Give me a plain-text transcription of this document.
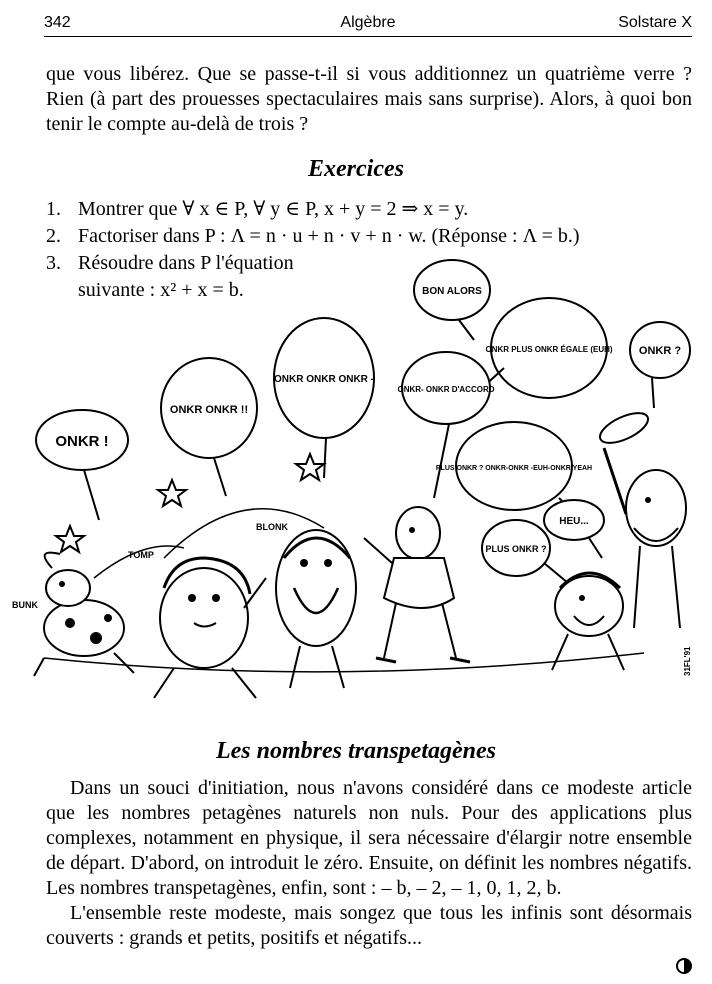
342	Algèbre	Solstare X
que vous libérez. Que se passe-t-il si vous additionnez un quatrième verre ? Rien (à part des prouesses spectaculaires mais sans surprise). Alors, à quoi bon tenir le compte au-delà de trois ?
Exercices
1. Montrer que ∀ x ∈ P, ∀ y ∈ P, x + y = 2 ⇒ x = y.
2. Factoriser dans P : Λ = n · u + n · v + n · w. (Réponse : Λ = b.)
3. Résoudre dans P l'équation
suivante : x² + x = b.
ONKR !
ONKR ONKR !!
ONKR ONKR ONKR -
BON ALORS
ONKR PLUS ONKR ÉGALE (EUH)
ONKR- ONKR D'ACCORD
PLUS ONKR ? ONKR-ONKR -EUH-ONKR YEAH
HEU...
PLUS ONKR ?
ONKR ?
BUNK
TOMP
BLONK
31FL'91
Les nombres transpetagènes

Dans un souci d'initiation, nous n'avons considéré dans ce modeste article que les nombres petagènes naturels non nuls. Pour des applications plus complexes, notamment en physique, il sera nécessaire d'élargir notre ensemble de départ. D'abord, on introduit le zéro. Ensuite, on définit les nombres négatifs. Les nombres transpetagènes, enfin, sont : – b, – 2, – 1, 0, 1, 2, b.

L'ensemble reste modeste, mais songez que tous les infinis sont désormais couverts : grands et petits, positifs et négatifs...
